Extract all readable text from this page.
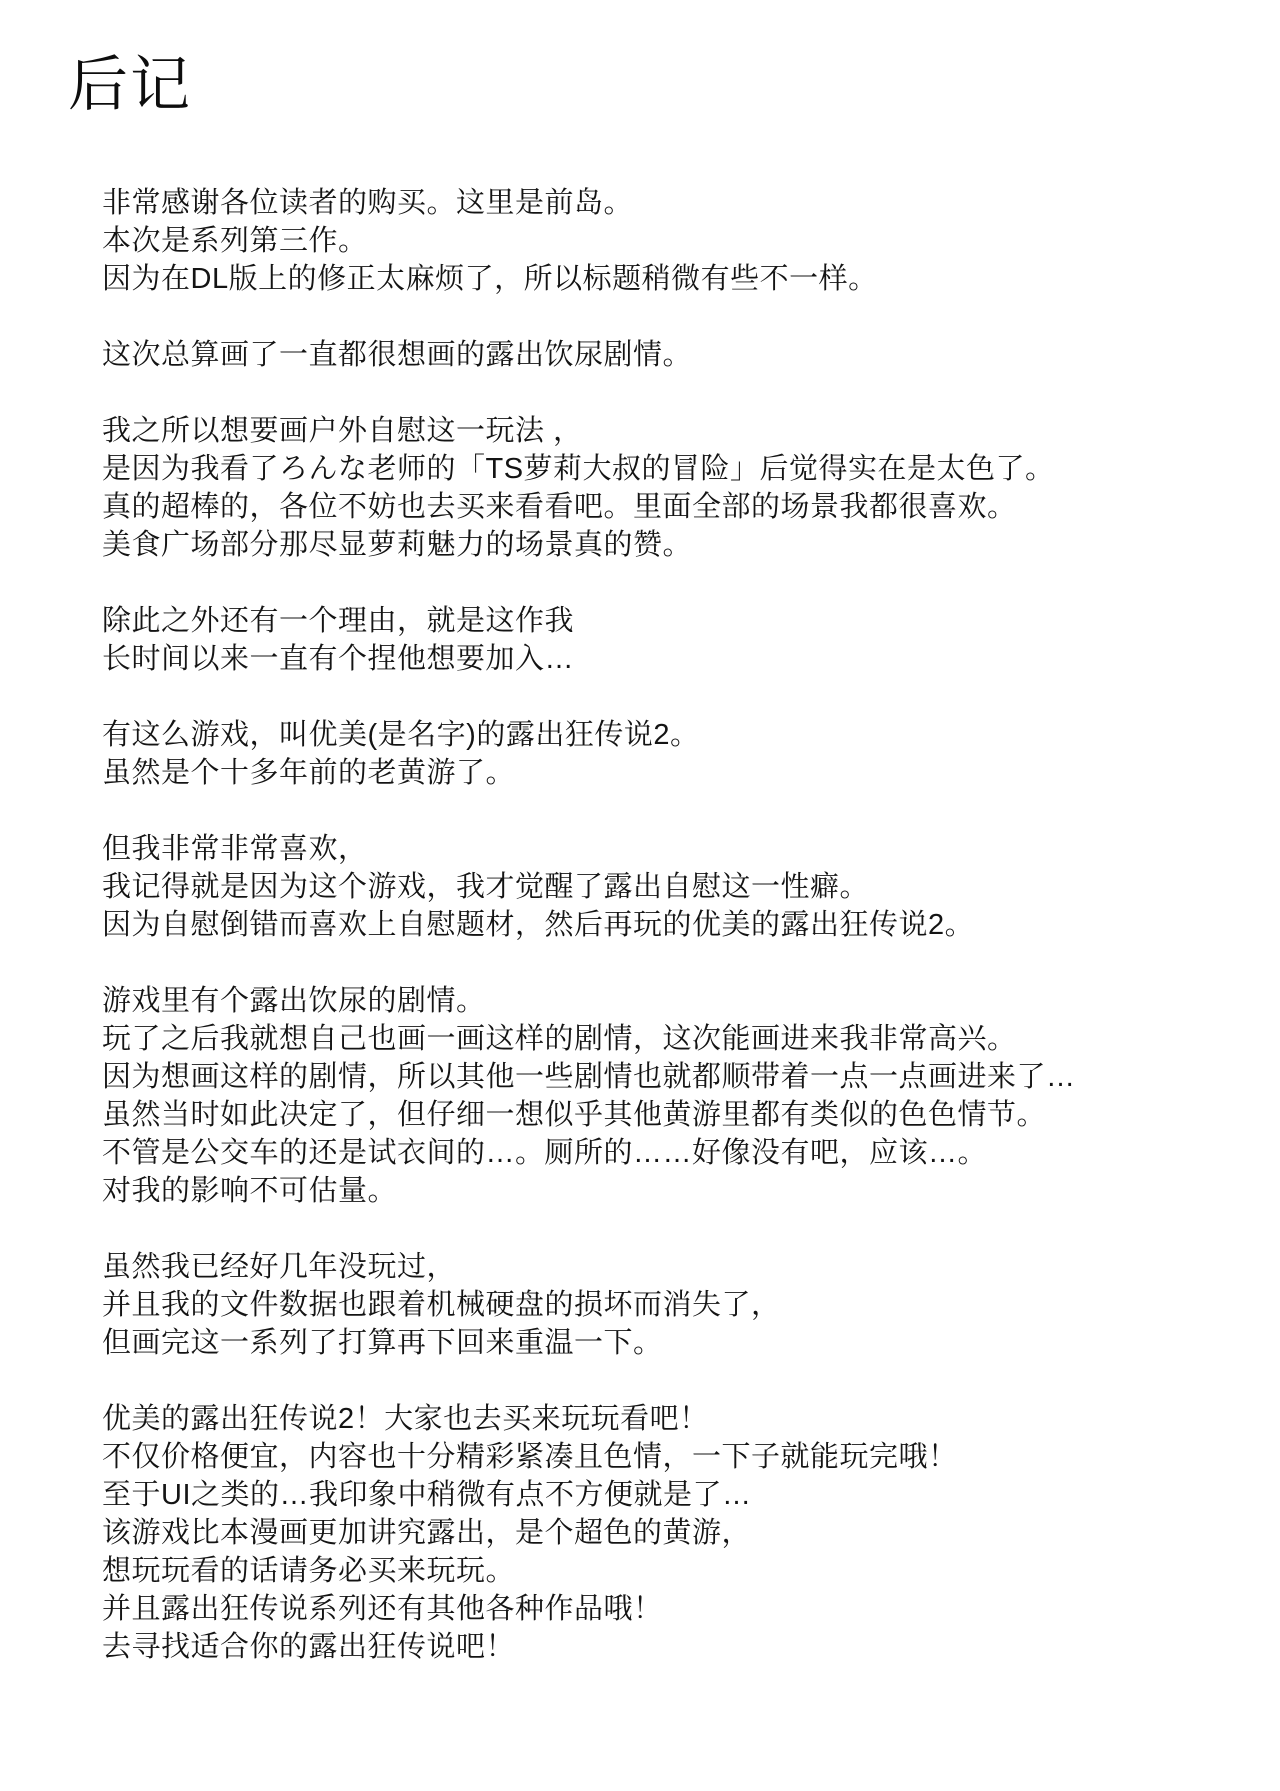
后记
非常感谢各位读者的购买。这里是前岛。
本次是系列第三作。
因为在DL版上的修正太麻烦了，所以标题稍微有些不一样。
这次总算画了一直都很想画的露出饮尿剧情。
我之所以想要画户外自慰这一玩法 ，
是因为我看了ろんな老师的「TS萝莉大叔的冒险」后觉得实在是太色了。
真的超棒的，各位不妨也去买来看看吧。里面全部的场景我都很喜欢。
美食广场部分那尽显萝莉魅力的场景真的赞。
除此之外还有一个理由，就是这作我
长时间以来一直有个捏他想要加入…
有这么游戏，叫优美(是名字)的露出狂传说2。
虽然是个十多年前的老黄游了。
但我非常非常喜欢，
我记得就是因为这个游戏，我才觉醒了露出自慰这一性癖。
因为自慰倒错而喜欢上自慰题材，然后再玩的优美的露出狂传说2。
游戏里有个露出饮尿的剧情。
玩了之后我就想自己也画一画这样的剧情，这次能画进来我非常高兴。
因为想画这样的剧情，所以其他一些剧情也就都顺带着一点一点画进来了…
虽然当时如此决定了，但仔细一想似乎其他黄游里都有类似的色色情节。
不管是公交车的还是试衣间的…。厕所的……好像没有吧，应该…。
对我的影响不可估量。
虽然我已经好几年没玩过，
并且我的文件数据也跟着机械硬盘的损坏而消失了，
但画完这一系列了打算再下回来重温一下。
优美的露出狂传说2！大家也去买来玩玩看吧！
不仅价格便宜，内容也十分精彩紧凑且色情，一下子就能玩完哦！
至于UI之类的…我印象中稍微有点不方便就是了…
该游戏比本漫画更加讲究露出，是个超色的黄游，
想玩玩看的话请务必买来玩玩。
并且露出狂传说系列还有其他各种作品哦！
去寻找适合你的露出狂传说吧！
